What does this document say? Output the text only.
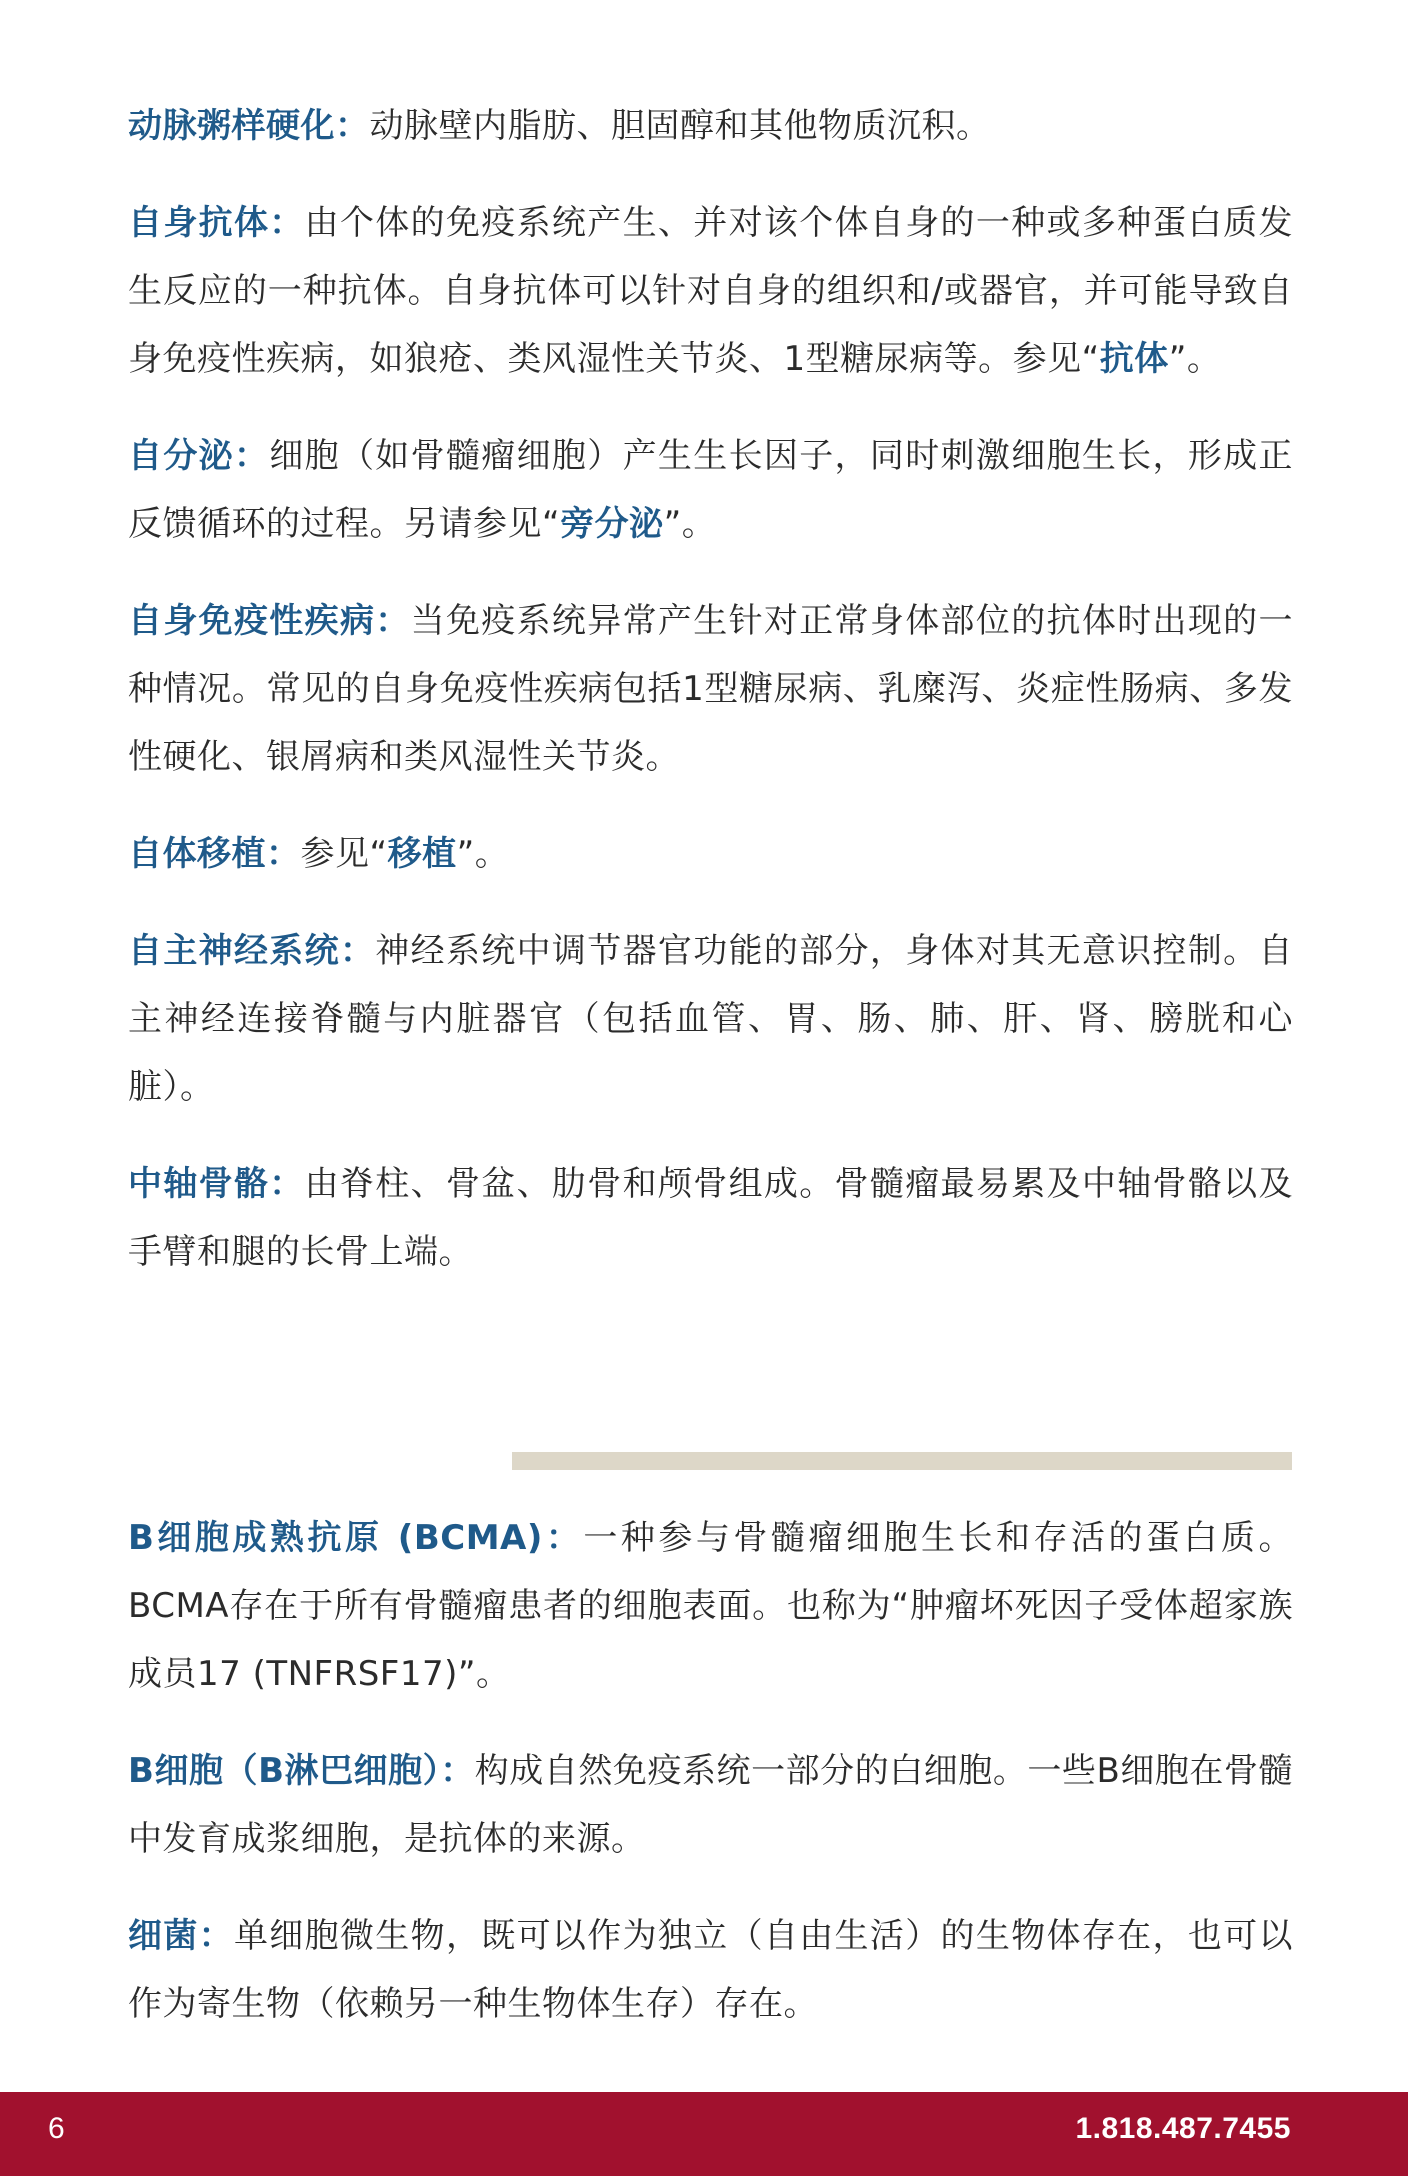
动脉粥样硬化：动脉壁内脂肪、胆固醇和其他物质沉积。

自身抗体：由个体的免疫系统产生、并对该个体自身的一种或多种蛋白质发生反应的一种抗体。自身抗体可以针对自身的组织和/或器官，并可能导致自身免疫性疾病，如狼疮、类风湿性关节炎、1型糖尿病等。参见“抗体”。

自分泌：细胞（如骨髓瘤细胞）产生生长因子，同时刺激细胞生长，形成正反馈循环的过程。另请参见“旁分泌”。

自身免疫性疾病：当免疫系统异常产生针对正常身体部位的抗体时出现的一种情况。常见的自身免疫性疾病包括1型糖尿病、乳糜泻、炎症性肠病、多发性硬化、银屑病和类风湿性关节炎。

自体移植：参见“移植”。

自主神经系统：神经系统中调节器官功能的部分，身体对其无意识控制。自主神经连接脊髓与内脏器官（包括血管、胃、肠、肺、肝、肾、膀胱和心脏）。

中轴骨骼：由脊柱、骨盆、肋骨和颅骨组成。骨髓瘤最易累及中轴骨骼以及手臂和腿的长骨上端。

B细胞成熟抗原 (BCMA)：一种参与骨髓瘤细胞生长和存活的蛋白质。BCMA存在于所有骨髓瘤患者的细胞表面。也称为“肿瘤坏死因子受体超家族成员17 (TNFRSF17)”。

B细胞（B淋巴细胞）：构成自然免疫系统一部分的白细胞。一些B细胞在骨髓中发育成浆细胞，是抗体的来源。

细菌：单细胞微生物，既可以作为独立（自由生活）的生物体存在，也可以作为寄生物（依赖另一种生物体生存）存在。

6	1.818.487.7455
